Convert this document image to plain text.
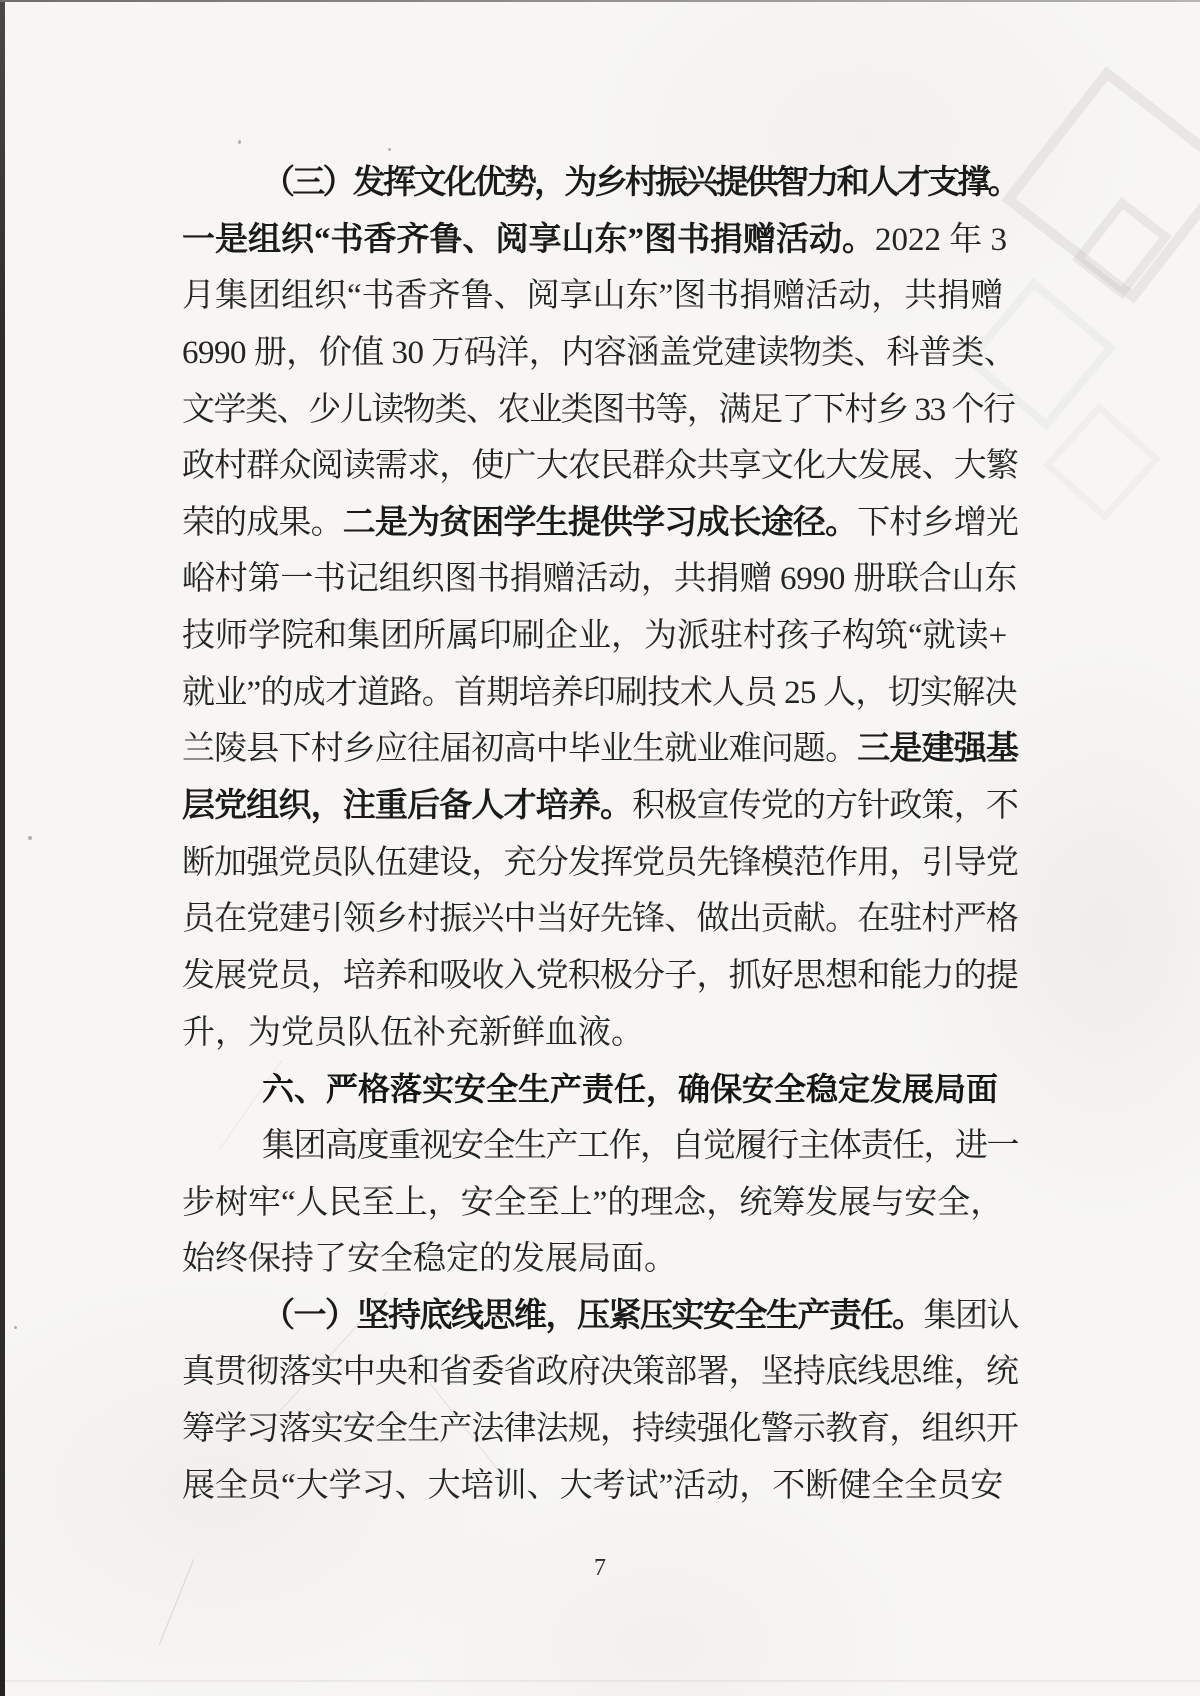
（三）发挥文化优势，为乡村振兴提供智力和人才支撑。
一是组织“书香齐鲁、阅享山东”图书捐赠活动。2022 年 3
月集团组织“书香齐鲁、阅享山东”图书捐赠活动，共捐赠
6990 册，价值 30 万码洋，内容涵盖党建读物类、科普类、
文学类、少儿读物类、农业类图书等，满足了下村乡 33 个行
政村群众阅读需求，使广大农民群众共享文化大发展、大繁
荣的成果。二是为贫困学生提供学习成长途径。下村乡增光
峪村第一书记组织图书捐赠活动，共捐赠 6990 册联合山东
技师学院和集团所属印刷企业，为派驻村孩子构筑“就读+
就业”的成才道路。首期培养印刷技术人员 25 人，切实解决
兰陵县下村乡应往届初高中毕业生就业难问题。三是建强基
层党组织，注重后备人才培养。积极宣传党的方针政策，不
断加强党员队伍建设，充分发挥党员先锋模范作用，引导党
员在党建引领乡村振兴中当好先锋、做出贡献。在驻村严格
发展党员，培养和吸收入党积极分子，抓好思想和能力的提
升，为党员队伍补充新鲜血液。
六、严格落实安全生产责任，确保安全稳定发展局面
集团高度重视安全生产工作，自觉履行主体责任，进一
步树牢“人民至上，安全至上”的理念，统筹发展与安全，
始终保持了安全稳定的发展局面。
（一）坚持底线思维，压紧压实安全生产责任。集团认
真贯彻落实中央和省委省政府决策部署，坚持底线思维，统
筹学习落实安全生产法律法规，持续强化警示教育，组织开
展全员“大学习、大培训、大考试”活动，不断健全全员安
7
